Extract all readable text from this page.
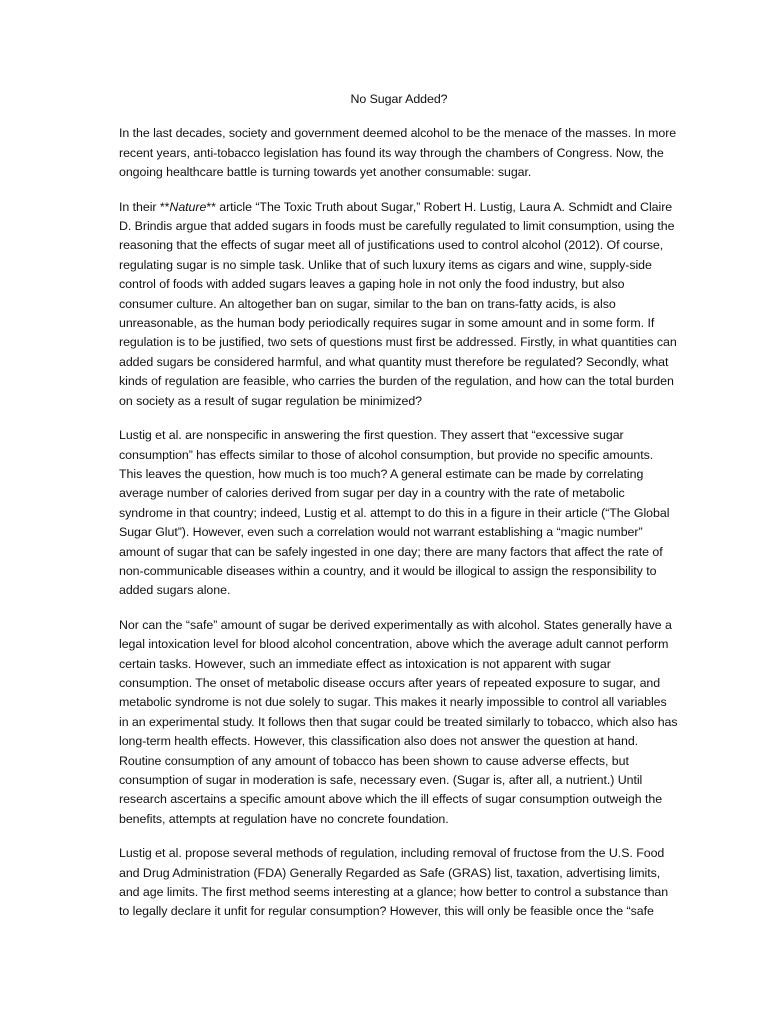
No Sugar Added?

In the last decades, society and government deemed alcohol to be the menace of the masses. In more recent years, anti-tobacco legislation has found its way through the chambers of Congress. Now, the ongoing healthcare battle is turning towards yet another consumable: sugar.

In their **Nature** article “The Toxic Truth about Sugar,” Robert H. Lustig, Laura A. Schmidt and Claire D. Brindis argue that added sugars in foods must be carefully regulated to limit consumption, using the reasoning that the effects of sugar meet all of justifications used to control alcohol (2012). Of course, regulating sugar is no simple task. Unlike that of such luxury items as cigars and wine, supply-side control of foods with added sugars leaves a gaping hole in not only the food industry, but also consumer culture. An altogether ban on sugar, similar to the ban on trans-fatty acids, is also unreasonable, as the human body periodically requires sugar in some amount and in some form. If regulation is to be justified, two sets of questions must first be addressed. Firstly, in what quantities can added sugars be considered harmful, and what quantity must therefore be regulated? Secondly, what kinds of regulation are feasible, who carries the burden of the regulation, and how can the total burden on society as a result of sugar regulation be minimized?

Lustig et al. are nonspecific in answering the first question. They assert that “excessive sugar consumption” has effects similar to those of alcohol consumption, but provide no specific amounts. This leaves the question, how much is too much? A general estimate can be made by correlating average number of calories derived from sugar per day in a country with the rate of metabolic syndrome in that country; indeed, Lustig et al. attempt to do this in a figure in their article (“The Global Sugar Glut”). However, even such a correlation would not warrant establishing a “magic number” amount of sugar that can be safely ingested in one day; there are many factors that affect the rate of non-communicable diseases within a country, and it would be illogical to assign the responsibility to added sugars alone.

Nor can the “safe” amount of sugar be derived experimentally as with alcohol. States generally have a legal intoxication level for blood alcohol concentration, above which the average adult cannot perform certain tasks. However, such an immediate effect as intoxication is not apparent with sugar consumption. The onset of metabolic disease occurs after years of repeated exposure to sugar, and metabolic syndrome is not due solely to sugar. This makes it nearly impossible to control all variables in an experimental study. It follows then that sugar could be treated similarly to tobacco, which also has long-term health effects. However, this classification also does not answer the question at hand. Routine consumption of any amount of tobacco has been shown to cause adverse effects, but consumption of sugar in moderation is safe, necessary even. (Sugar is, after all, a nutrient.) Until research ascertains a specific amount above which the ill effects of sugar consumption outweigh the benefits, attempts at regulation have no concrete foundation.

Lustig et al. propose several methods of regulation, including removal of fructose from the U.S. Food and Drug Administration (FDA) Generally Regarded as Safe (GRAS) list, taxation, advertising limits, and age limits. The first method seems interesting at a glance; how better to control a substance than to legally declare it unfit for regular consumption? However, this will only be feasible once the “safe
